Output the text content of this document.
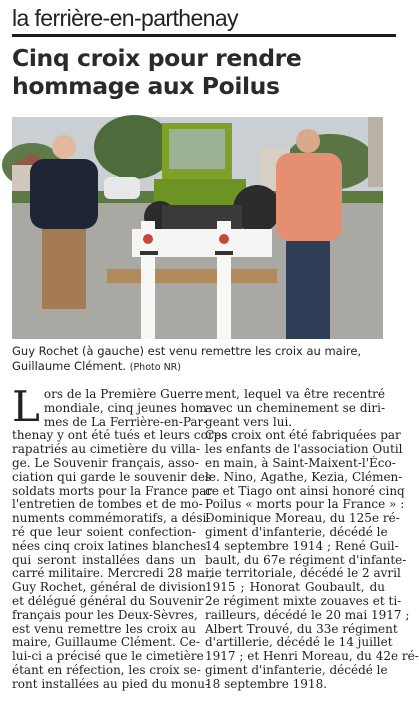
la ferrière-en-parthenay
Cinq croix pour rendre
hommage aux Poilus
Guy Rochet (à gauche) est venu remettre les croix au maire,
Guillaume Clément. (Photo NR)
L ors de la Première Guerre
mondiale, cinq jeunes hom-
mes de La Ferrière-en-Par-
thenay y ont été tués et leurs corps
rapatriés au cimetière du villa-
ge. Le Souvenir français, asso-
ciation qui garde le souvenir des
soldats morts pour la France par
l'entretien de tombes et de mo-
numents commémoratifs, a dési-
ré que leur soient confection-
nées cinq croix latines blanches
qui seront installées dans un
carré militaire. Mercredi 28 mai,
Guy Rochet, général de division
et délégué général du Souvenir
français pour les Deux-Sèvres,
est venu remettre les croix au
maire, Guillaume Clément. Ce-
lui-ci a précisé que le cimetière
étant en réfection, les croix se-
ront installées au pied du monu-
ment, lequel va être recentré
avec un cheminement se diri-
geant vers lui.
Ces croix ont été fabriquées par
les enfants de l'association Outil
en main, à Saint-Maixent-l'Éco-
le. Nino, Agathe, Kezia, Clémen-
ce et Tiago ont ainsi honoré cinq
Poilus « morts pour la France » :
Dominique Moreau, du 125e ré-
giment d'infanterie, décédé le
14 septembre 1914 ; René Guil-
bault, du 67e régiment d'infante-
rie territoriale, décédé le 2 avril
1915 ; Honorat Goubault, du
2e régiment mixte zouaves et ti-
railleurs, décédé le 20 mai 1917 ;
Albert Trouvé, du 33e régiment
d'artillerie, décédé le 14 juillet
1917 ; et Henri Moreau, du 42e ré-
giment d'infanterie, décédé le
18 septembre 1918.
